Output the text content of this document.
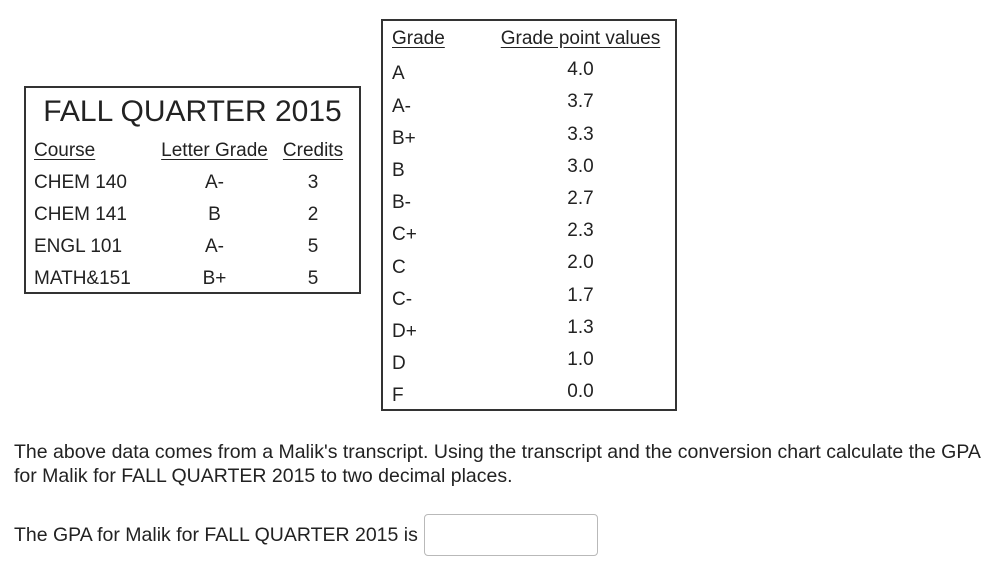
FALL QUARTER 2015
Course	Letter Grade	Credits
CHEM 140	A-	3
CHEM 141	B	2
ENGL 101	A-	5
MATH&151	B+	5
Grade	Grade point values
A	4.0
A-	3.7
B+	3.3
B	3.0
B-	2.7
C+	2.3
C	2.0
C-	1.7
D+	1.3
D	1.0
F	0.0
The above data comes from a Malik's transcript. Using the transcript and the conversion chart calculate the GPA for Malik for FALL QUARTER 2015 to two decimal places.
The GPA for Malik for FALL QUARTER 2015 is
